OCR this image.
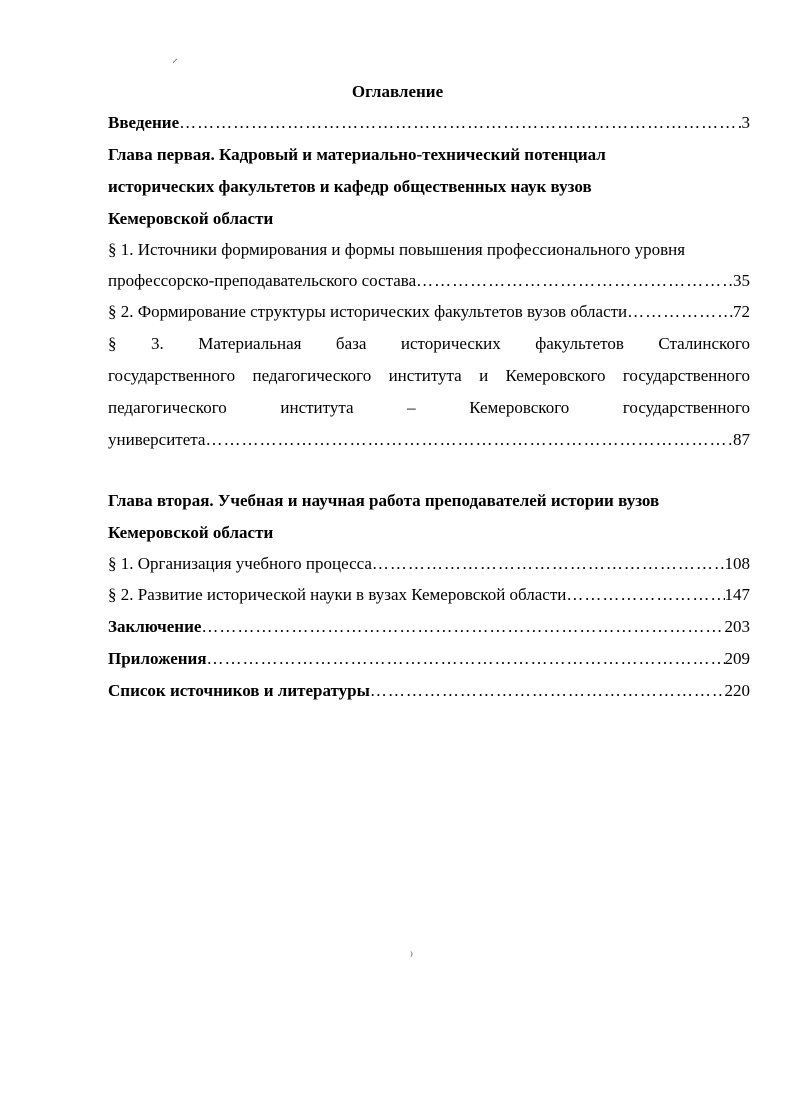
⸝
Оглавление
Введение ……………………………………………………………………………………………………………………………………………………………………	3
Глава первая. Кадровый и материально-технический потенциал
исторических факультетов и кафедр общественных наук вузов
Кемеровской области
§ 1. Источники формирования и формы повышения профессионального уровня
профессорско-преподавательского состава ……………………………………………………………………………………………………………………………………………………………………	35
§ 2. Формирование структуры исторических факультетов вузов области ……………………………………………………………………………………………………………………………………………………………………	72
§ 3. Материальная база исторических факультетов Сталинского
государственного педагогического института и Кемеровского государственного
педагогического института – Кемеровского государственного
университета ……………………………………………………………………………………………………………………………………………………………………	87
Глава вторая. Учебная и научная работа преподавателей истории вузов
Кемеровской области
§ 1. Организация учебного процесса ……………………………………………………………………………………………………………………………………………………………………	108
§ 2. Развитие исторической науки в вузах Кемеровской области ……………………………………………………………………………………………………………………………………………………………………	147
Заключение ……………………………………………………………………………………………………………………………………………………………………	203
Приложения ……………………………………………………………………………………………………………………………………………………………………	209
Список источников и литературы ……………………………………………………………………………………………………………………………………………………………………	220
⁾
